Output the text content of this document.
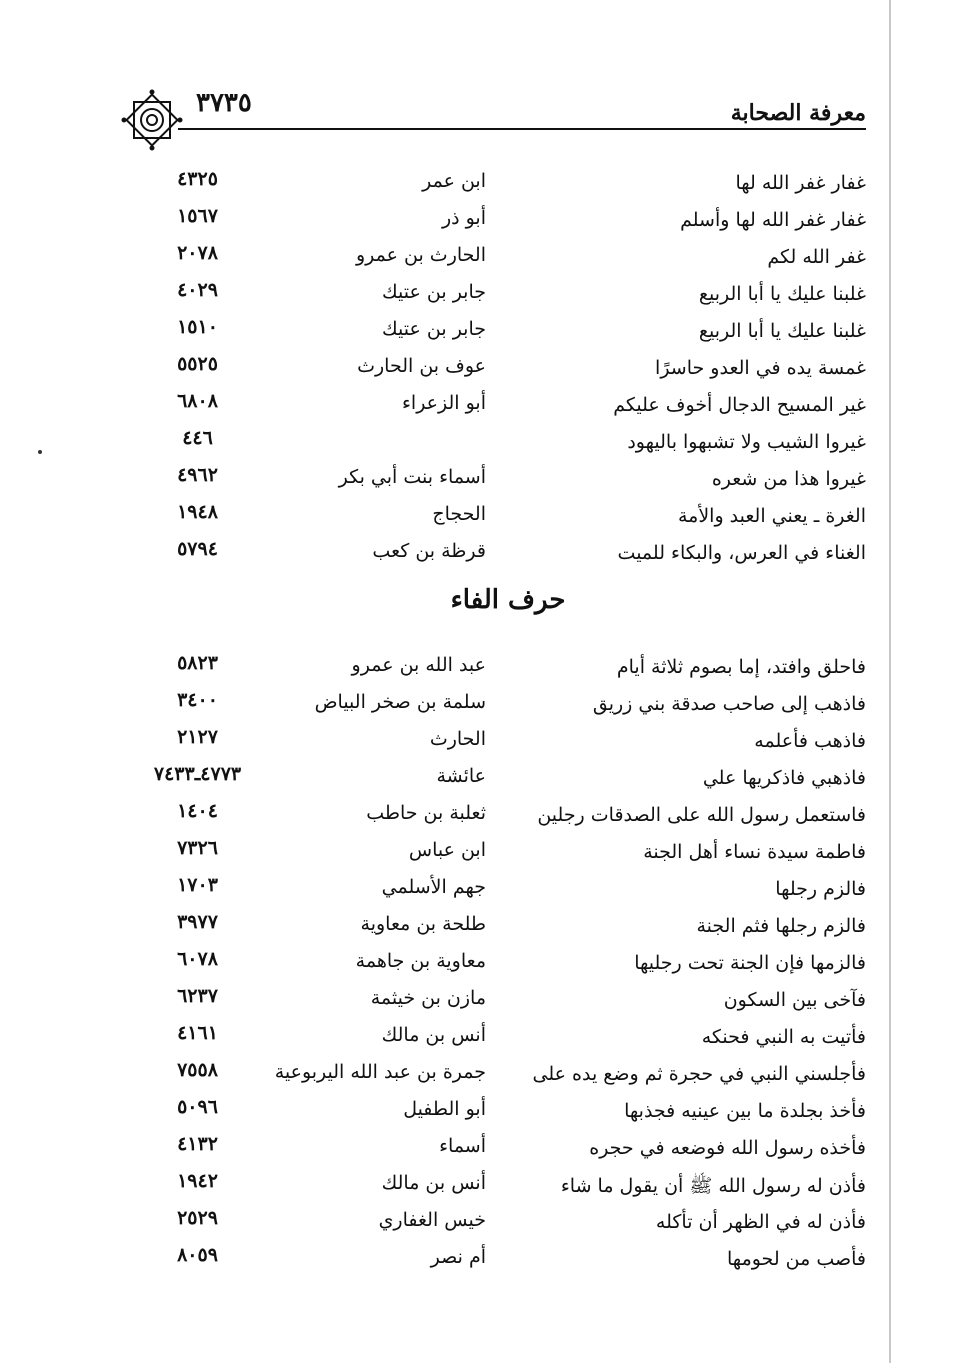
٣٧٣٥	معرفة الصحابة
غفار غفر الله لها
ابن عمر
٤٣٢٥
غفار غفر الله لها وأسلم
أبو ذر
١٥٦٧
غفر الله لكم
الحارث بن عمرو
٢٠٧٨
غلبنا عليك يا أبا الربيع
جابر بن عتيك
٤٠٢٩
غلبنا عليك يا أبا الربيع
جابر بن عتيك
١٥١٠
غمسة يده في العدو حاسرًا
عوف بن الحارث
٥٥٢٥
غير المسيح الدجال أخوف عليكم
أبو الزعراء
٦٨٠٨
غيروا الشيب ولا تشبهوا باليهود
٤٤٦
غيروا هذا من شعره
أسماء بنت أبي بكر
٤٩٦٢
الغرة ـ يعني العبد والأمة
الحجاج
١٩٤٨
الغناء في العرس، والبكاء للميت
قرظة بن كعب
٥٧٩٤
حرف الفاء
فاحلق وافتد، إما بصوم ثلاثة أيام
عبد الله بن عمرو
٥٨٢٣
فاذهب إلى صاحب صدقة بني زريق
سلمة بن صخر البياض
٣٤٠٠
فاذهب فأعلمه
الحارث
٢١٢٧
فاذهبي فاذكريها علي
عائشة
٤٧٧٣ـ٧٤٣٣
فاستعمل رسول الله على الصدقات رجلين
ثعلبة بن حاطب
١٤٠٤
فاطمة سيدة نساء أهل الجنة
ابن عباس
٧٣٢٦
فالزم رجلها
جهم الأسلمي
١٧٠٣
فالزم رجلها فثم الجنة
طلحة بن معاوية
٣٩٧٧
فالزمها فإن الجنة تحت رجليها
معاوية بن جاهمة
٦٠٧٨
فآخى بين السكون
مازن بن خيثمة
٦٢٣٧
فأتيت به النبي فحنكه
أنس بن مالك
٤١٦١
فأجلسني النبي في حجرة ثم وضع يده على
جمرة بن عبد الله اليربوعية
٧٥٥٨
فأخذ بجلدة ما بين عينيه فجذبها
أبو الطفيل
٥٠٩٦
فأخذه رسول الله فوضعه في حجره
أسماء
٤١٣٢
فأذن له رسول الله ﷺ أن يقول ما شاء
أنس بن مالك
١٩٤٢
فأذن له في الظهر أن تأكله
خيس الغفاري
٢٥٢٩
فأصب من لحومها
أم نصر
٨٠٥٩
